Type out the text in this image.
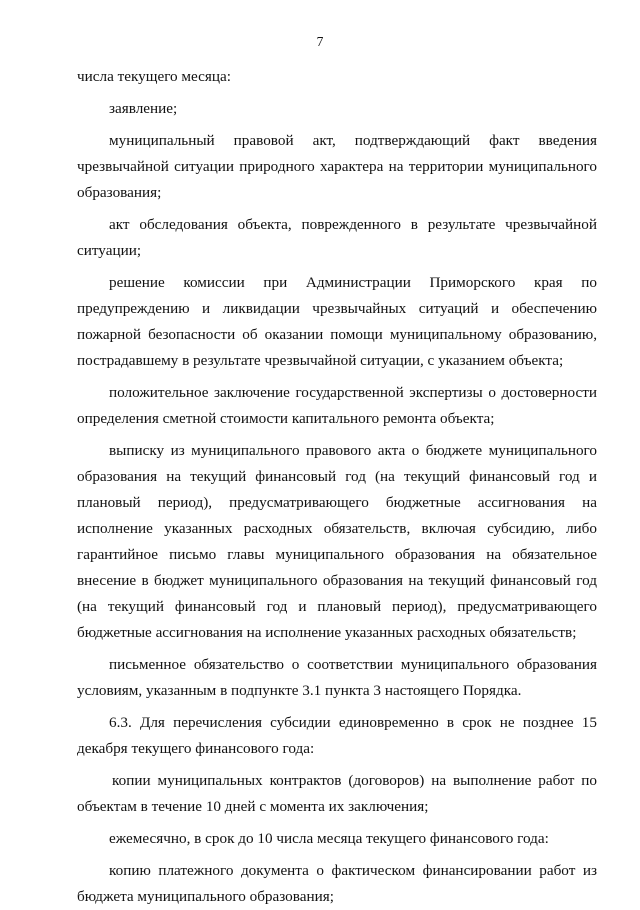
7

числа текущего месяца:

заявление;

муниципальный правовой акт, подтверждающий факт введения чрезвычайной ситуации природного характера на территории муниципального образования;

акт обследования объекта, поврежденного в результате чрезвычайной ситуации;

решение комиссии при Администрации Приморского края по предупреждению и ликвидации чрезвычайных ситуаций и обеспечению пожарной безопасности об оказании помощи муниципальному образованию, пострадавшему в результате чрезвычайной ситуации, с указанием объекта;

положительное заключение государственной экспертизы о достоверности определения сметной стоимости капитального ремонта объекта;

выписку из муниципального правового акта о бюджете муниципального образования на текущий финансовый год (на текущий финансовый год и плановый период), предусматривающего бюджетные ассигнования на исполнение указанных расходных обязательств, включая субсидию, либо гарантийное письмо главы муниципального образования на обязательное внесение в бюджет муниципального образования на текущий финансовый год (на текущий финансовый год и плановый период), предусматривающего бюджетные ассигнования на исполнение указанных расходных обязательств;

письменное обязательство о соответствии муниципального образования условиям, указанным в подпункте 3.1 пункта 3 настоящего Порядка.

6.3. Для перечисления субсидии единовременно в срок не позднее 15 декабря текущего финансового года:

копии муниципальных контрактов (договоров) на выполнение работ по объектам в течение 10 дней с момента их заключения;

ежемесячно, в срок до 10 числа месяца текущего финансового года:

копию платежного документа о фактическом финансировании работ из бюджета муниципального образования;
